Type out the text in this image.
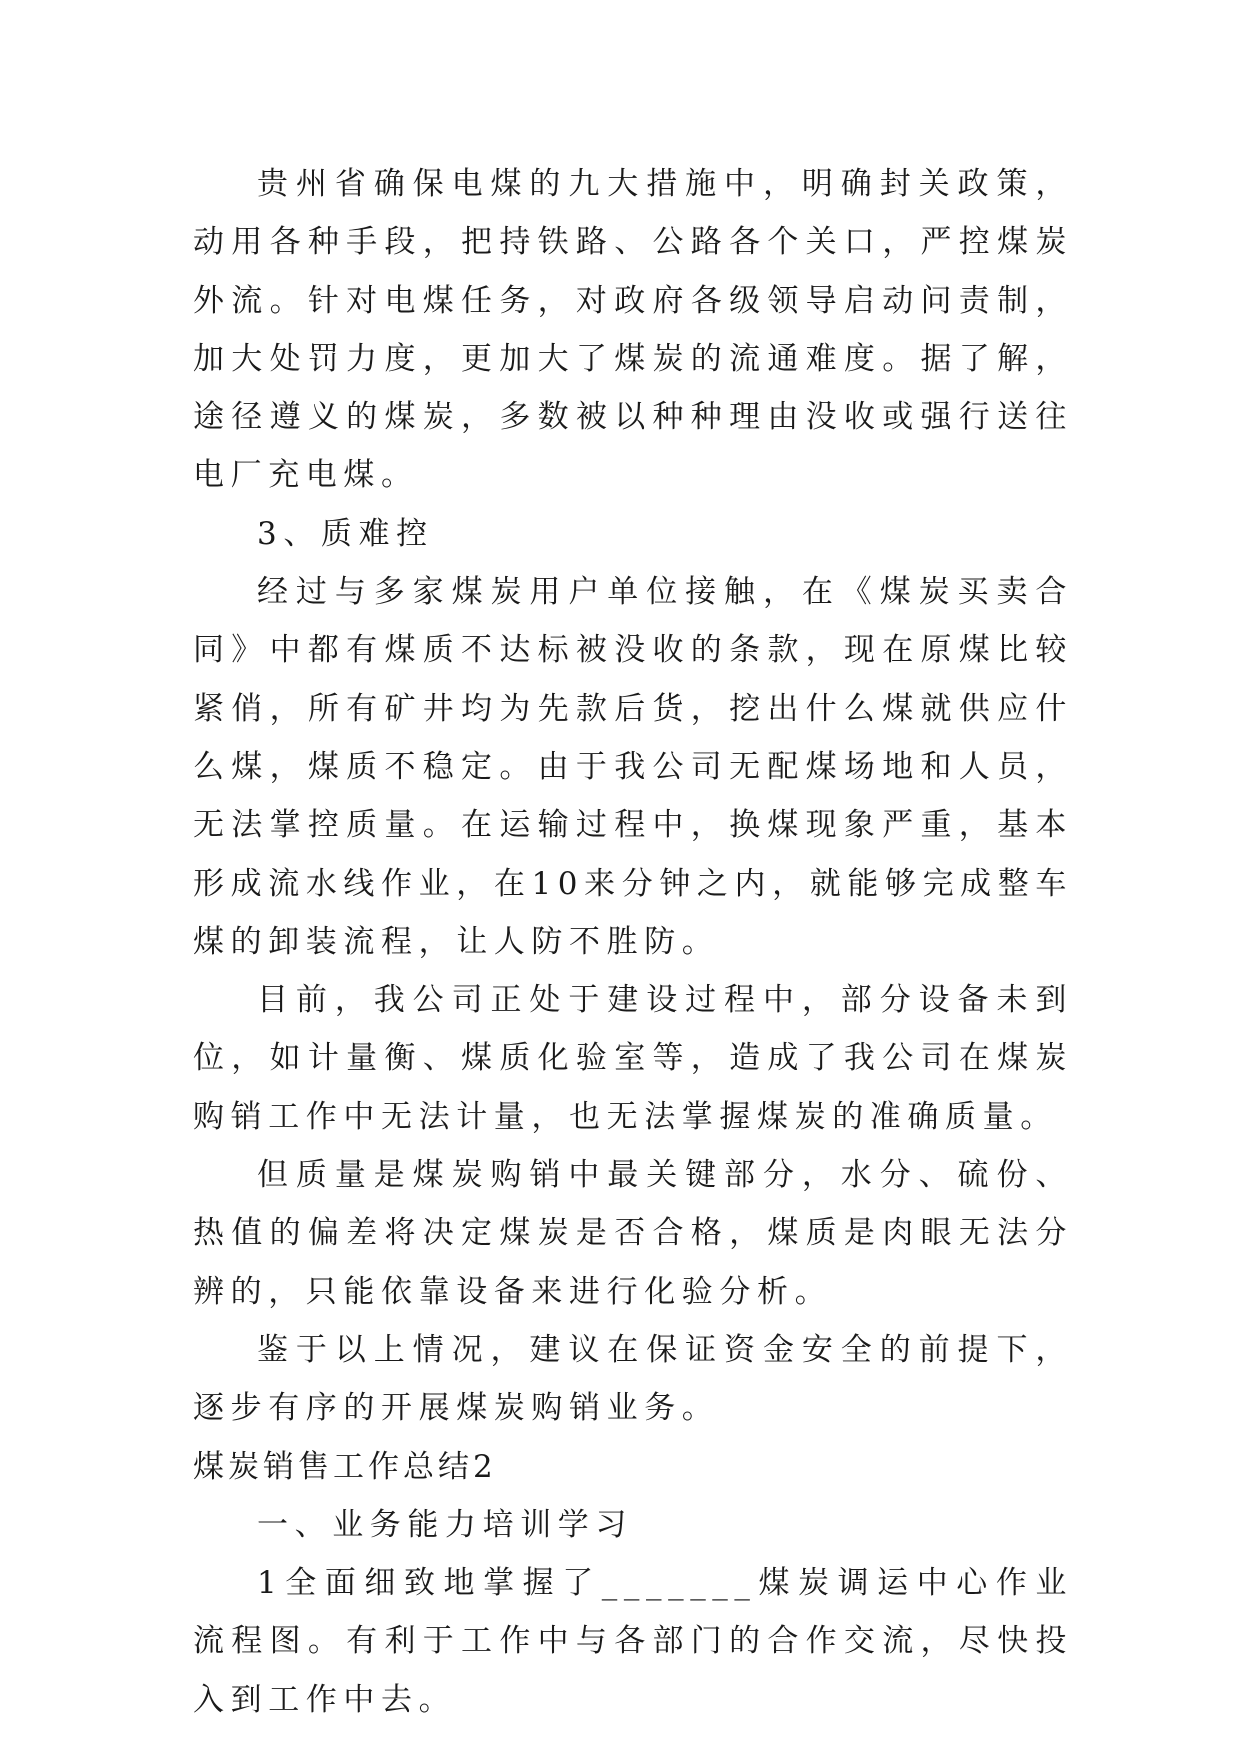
贵州省确保电煤的九大措施中，明确封关政策，动用各种手段，把持铁路、公路各个关口，严控煤炭外流。针对电煤任务，对政府各级领导启动问责制，加大处罚力度，更加大了煤炭的流通难度。据了解，途径遵义的煤炭，多数被以种种理由没收或强行送往电厂充电煤。

3、质难控

经过与多家煤炭用户单位接触，在《煤炭买卖合同》中都有煤质不达标被没收的条款，现在原煤比较紧俏，所有矿井均为先款后货，挖出什么煤就供应什么煤，煤质不稳定。由于我公司无配煤场地和人员，无法掌控质量。在运输过程中，换煤现象严重，基本形成流水线作业，在10来分钟之内，就能够完成整车煤的卸装流程，让人防不胜防。

目前，我公司正处于建设过程中，部分设备未到位，如计量衡、煤质化验室等，造成了我公司在煤炭购销工作中无法计量，也无法掌握煤炭的准确质量。

但质量是煤炭购销中最关键部分，水分、硫份、热值的偏差将决定煤炭是否合格，煤质是肉眼无法分辨的，只能依靠设备来进行化验分析。

鉴于以上情况，建议在保证资金安全的前提下，逐步有序的开展煤炭购销业务。

煤炭销售工作总结2

一、业务能力培训学习

1全面细致地掌握了_______煤炭调运中心作业流程图。有利于工作中与各部门的合作交流，尽快投入到工作中去。
